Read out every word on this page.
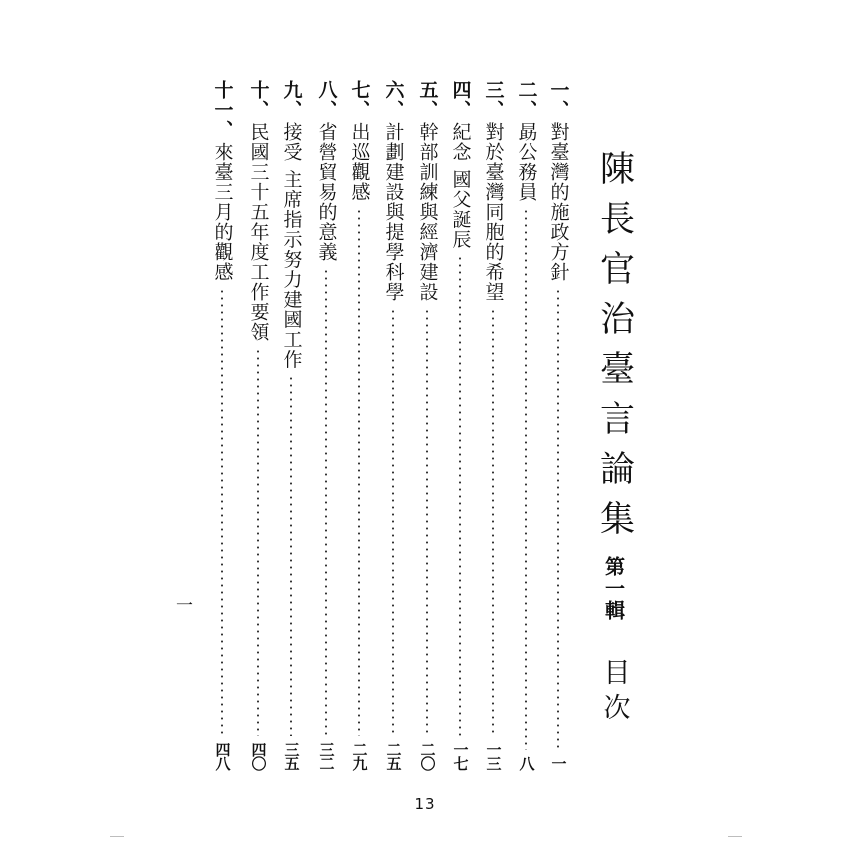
陳長官治臺言論集
第一輯
目次
一、
對臺灣的施政方針
一
二、
勗公務員
八
三、
對於臺灣同胞的希望
一三
四、
紀念 國父誕辰
一七
五、
幹部訓練與經濟建設
二〇
六、
計劃建設與提學科學
二五
七、
出巡觀感
二九
八、
省營貿易的意義
三二
九、
接受 主席指示努力建國工作
三五
十、
民國三十五年度工作要領
四〇
十一、
來臺三月的觀感
四八
一
13
